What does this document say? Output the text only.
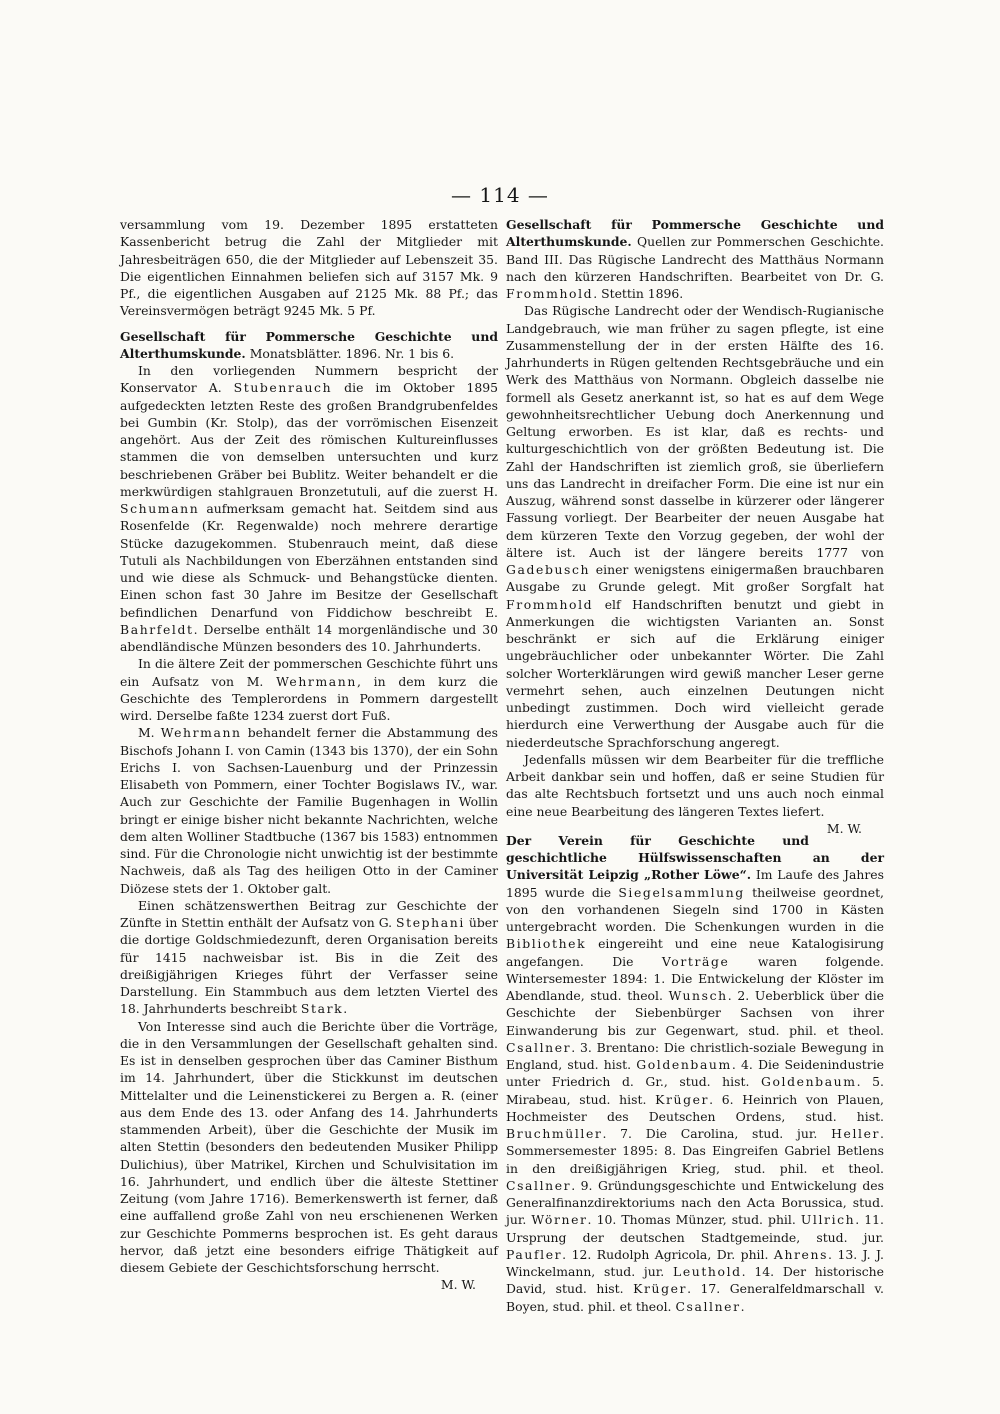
— 114 —

versammlung vom 19. Dezember 1895 erstatteten Kassenbericht betrug die Zahl der Mitglieder mit Jahresbeiträgen 650, die der Mitglieder auf Lebenszeit 35. Die eigentlichen Einnahmen beliefen sich auf 3157 Mk. 9 Pf., die eigentlichen Ausgaben auf 2125 Mk. 88 Pf.; das Vereinsvermögen beträgt 9245 Mk. 5 Pf.

Gesellschaft für Pommersche Geschichte und Alterthumskunde. Monatsblätter. 1896. Nr. 1 bis 6.

In den vorliegenden Nummern bespricht der Konservator A. Stubenrauch die im Oktober 1895 aufgedeckten letzten Reste des großen Brandgrubenfeldes bei Gumbin (Kr. Stolp), das der vorrömischen Eisenzeit angehört. Aus der Zeit des römischen Kultureinflusses stammen die von demselben untersuchten und kurz beschriebenen Gräber bei Bublitz. Weiter behandelt er die merkwürdigen stahlgrauen Bronzetutuli, auf die zuerst H. Schumann aufmerksam gemacht hat. Seitdem sind aus Rosenfelde (Kr. Regenwalde) noch mehrere derartige Stücke dazugekommen. Stubenrauch meint, daß diese Tutuli als Nachbildungen von Eberzähnen entstanden sind und wie diese als Schmuck- und Behangstücke dienten. Einen schon fast 30 Jahre im Besitze der Gesellschaft befindlichen Denarfund von Fiddichow beschreibt E. Bahrfeldt. Derselbe enthält 14 morgenländische und 30 abendländische Münzen besonders des 10. Jahrhunderts.

In die ältere Zeit der pommerschen Geschichte führt uns ein Aufsatz von M. Wehrmann, in dem kurz die Geschichte des Templerordens in Pommern dargestellt wird. Derselbe faßte 1234 zuerst dort Fuß.

M. Wehrmann behandelt ferner die Abstammung des Bischofs Johann I. von Camin (1343 bis 1370), der ein Sohn Erichs I. von Sachsen-Lauenburg und der Prinzessin Elisabeth von Pommern, einer Tochter Bogislaws IV., war. Auch zur Geschichte der Familie Bugenhagen in Wollin bringt er einige bisher nicht bekannte Nachrichten, welche dem alten Wolliner Stadtbuche (1367 bis 1583) entnommen sind. Für die Chronologie nicht unwichtig ist der bestimmte Nachweis, daß als Tag des heiligen Otto in der Caminer Diözese stets der 1. Oktober galt.

Einen schätzenswerthen Beitrag zur Geschichte der Zünfte in Stettin enthält der Aufsatz von G. Stephani über die dortige Goldschmiedezunft, deren Organisation bereits für 1415 nachweisbar ist. Bis in die Zeit des dreißigjährigen Krieges führt der Verfasser seine Darstellung. Ein Stammbuch aus dem letzten Viertel des 18. Jahrhunderts beschreibt Stark.

Von Interesse sind auch die Berichte über die Vorträge, die in den Versammlungen der Gesellschaft gehalten sind. Es ist in denselben gesprochen über das Caminer Bisthum im 14. Jahrhundert, über die Stickkunst im deutschen Mittelalter und die Leinenstickerei zu Bergen a. R. (einer aus dem Ende des 13. oder Anfang des 14. Jahrhunderts stammenden Arbeit), über die Geschichte der Musik im alten Stettin (besonders den bedeutenden Musiker Philipp Dulichius), über Matrikel, Kirchen und Schulvisitation im 16. Jahrhundert, und endlich über die älteste Stettiner Zeitung (vom Jahre 1716). Bemerkenswerth ist ferner, daß eine auffallend große Zahl von neu erschienenen Werken zur Geschichte Pommerns besprochen ist. Es geht daraus hervor, daß jetzt eine besonders eifrige Thätigkeit auf diesem Gebiete der Geschichtsforschung herrscht.
M. W.

Gesellschaft für Pommersche Geschichte und Alterthumskunde. Quellen zur Pommerschen Geschichte. Band III. Das Rügische Landrecht des Matthäus Normann nach den kürzeren Handschriften. Bearbeitet von Dr. G. Frommhold. Stettin 1896.

Das Rügische Landrecht oder der Wendisch-Rugianische Landgebrauch, wie man früher zu sagen pflegte, ist eine Zusammenstellung der in der ersten Hälfte des 16. Jahrhunderts in Rügen geltenden Rechtsgebräuche und ein Werk des Matthäus von Normann. Obgleich dasselbe nie formell als Gesetz anerkannt ist, so hat es auf dem Wege gewohnheitsrechtlicher Uebung doch Anerkennung und Geltung erworben. Es ist klar, daß es rechts- und kulturgeschichtlich von der größten Bedeutung ist. Die Zahl der Handschriften ist ziemlich groß, sie überliefern uns das Landrecht in dreifacher Form. Die eine ist nur ein Auszug, während sonst dasselbe in kürzerer oder längerer Fassung vorliegt. Der Bearbeiter der neuen Ausgabe hat dem kürzeren Texte den Vorzug gegeben, der wohl der ältere ist. Auch ist der längere bereits 1777 von Gadebusch einer wenigstens einigermaßen brauchbaren Ausgabe zu Grunde gelegt. Mit großer Sorgfalt hat Frommhold elf Handschriften benutzt und giebt in Anmerkungen die wichtigsten Varianten an. Sonst beschränkt er sich auf die Erklärung einiger ungebräuchlicher oder unbekannter Wörter. Die Zahl solcher Worterklärungen wird gewiß mancher Leser gerne vermehrt sehen, auch einzelnen Deutungen nicht unbedingt zustimmen. Doch wird vielleicht gerade hierdurch eine Verwerthung der Ausgabe auch für die niederdeutsche Sprachforschung angeregt.

Jedenfalls müssen wir dem Bearbeiter für die treffliche Arbeit dankbar sein und hoffen, daß er seine Studien für das alte Rechtsbuch fortsetzt und uns auch noch einmal eine neue Bearbeitung des längeren Textes liefert.
M. W.

Der Verein für Geschichte und geschichtliche Hülfswissenschaften an der Universität Leipzig „Rother Löwe“. Im Laufe des Jahres 1895 wurde die Siegelsammlung theilweise geordnet, von den vorhandenen Siegeln sind 1700 in Kästen untergebracht worden. Die Schenkungen wurden in die Bibliothek eingereiht und eine neue Katalogisirung angefangen. Die Vorträge waren folgende. Wintersemester 1894: 1. Die Entwickelung der Klöster im Abendlande, stud. theol. Wunsch. 2. Ueberblick über die Geschichte der Siebenbürger Sachsen von ihrer Einwanderung bis zur Gegenwart, stud. phil. et theol. Csallner. 3. Brentano: Die christlich-soziale Bewegung in England, stud. hist. Goldenbaum. 4. Die Seidenindustrie unter Friedrich d. Gr., stud. hist. Goldenbaum. 5. Mirabeau, stud. hist. Krüger. 6. Heinrich von Plauen, Hochmeister des Deutschen Ordens, stud. hist. Bruchmüller. 7. Die Carolina, stud. jur. Heller. Sommersemester 1895: 8. Das Eingreifen Gabriel Betlens in den dreißigjährigen Krieg, stud. phil. et theol. Csallner. 9. Gründungsgeschichte und Entwickelung des Generalfinanzdirektoriums nach den Acta Borussica, stud. jur. Wörner. 10. Thomas Münzer, stud. phil. Ullrich. 11. Ursprung der deutschen Stadtgemeinde, stud. jur. Paufler. 12. Rudolph Agricola, Dr. phil. Ahrens. 13. J. J. Winckelmann, stud. jur. Leuthold. 14. Der historische David, stud. hist. Krüger. 17. Generalfeldmarschall v. Boyen, stud. phil. et theol. Csallner.
